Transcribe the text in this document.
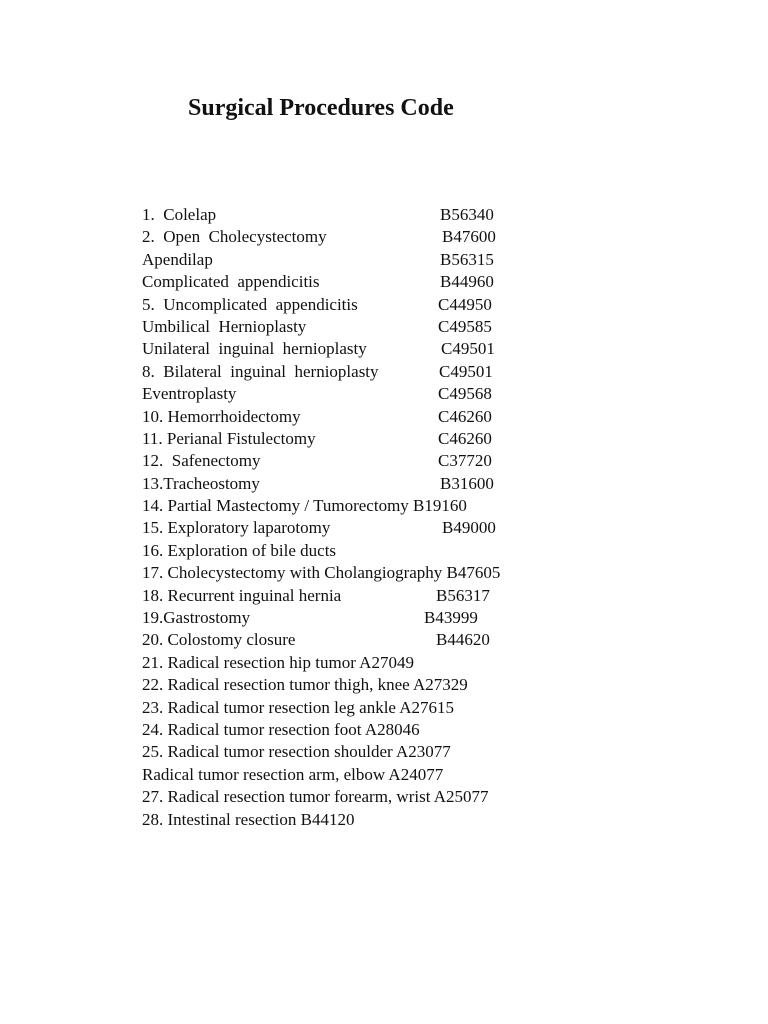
Surgical Procedures Code
1.  Colelap	B56340
2.  Open  Cholecystectomy	B47600
Apendilap	B56315
Complicated  appendicitis	B44960
5.  Uncomplicated  appendicitis	C44950
Umbilical  Hernioplasty	C49585
Unilateral  inguinal  hernioplasty	C49501
8.  Bilateral  inguinal  hernioplasty	C49501
Eventroplasty	C49568
10. Hemorrhoidectomy	C46260
11. Perianal Fistulectomy	C46260
12.  Safenectomy	C37720
13.Tracheostomy	B31600
14. Partial Mastectomy / Tumorectomy B19160
15. Exploratory laparotomy	B49000
16. Exploration of bile ducts
17. Cholecystectomy with Cholangiography B47605
18. Recurrent inguinal hernia	B56317
19.Gastrostomy	B43999
20. Colostomy closure	B44620
21. Radical resection hip tumor A27049
22. Radical resection tumor thigh, knee A27329
23. Radical tumor resection leg ankle A27615
24. Radical tumor resection foot A28046
25. Radical tumor resection shoulder A23077
Radical tumor resection arm, elbow A24077
27. Radical resection tumor forearm, wrist A25077
28. Intestinal resection B44120
